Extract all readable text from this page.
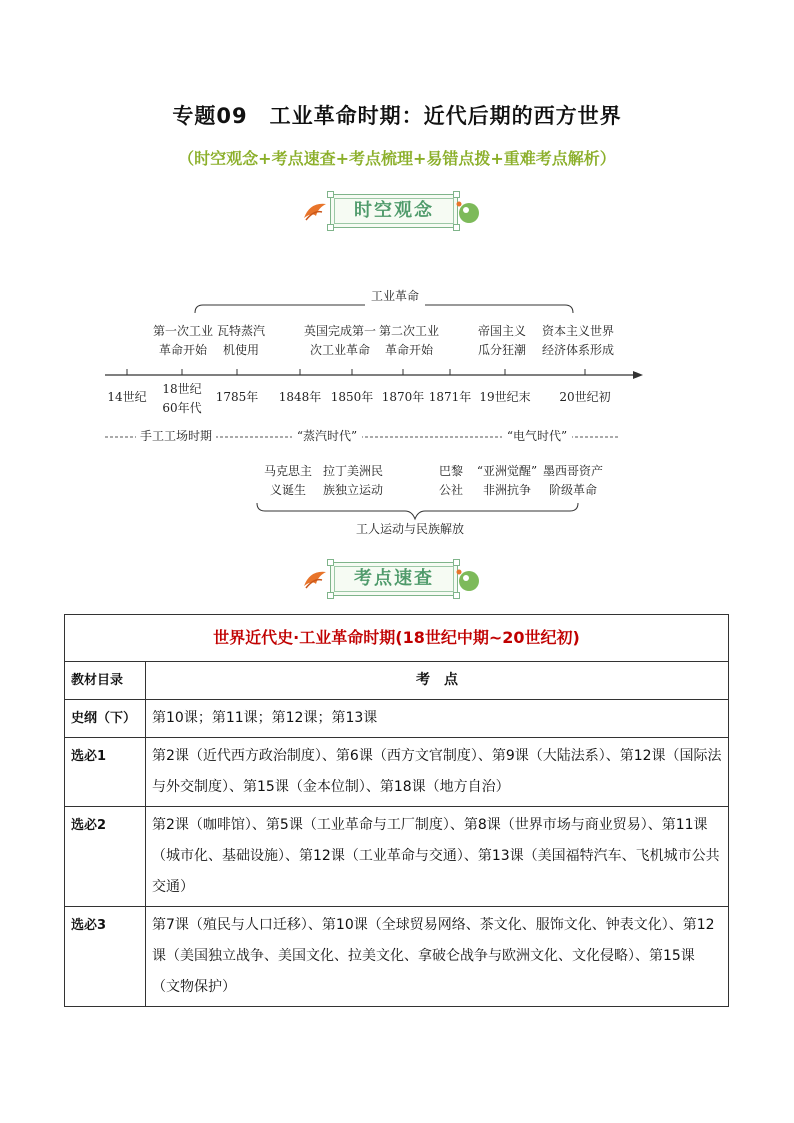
专题09　工业革命时期：近代后期的西方世界
（时空观念+考点速查+考点梳理+易错点拨+重难考点解析）
时空观念
工业革命
第一次工业
革命开始
瓦特蒸汽
机使用
英国完成第一
次工业革命
第二次工业
革命开始
帝国主义
瓜分狂潮
资本主义世界
经济体系形成
14世纪
18世纪
60年代
1785年	1848年 1850年 1870年 1871年 19世纪末	20世纪初
手工工场时期	“蒸汽时代”	“电气时代”
马克思主
义诞生
拉丁美洲民
族独立运动
巴黎
公社
“亚洲觉醒”
非洲抗争
墨西哥资产
阶级革命
工人运动与民族解放
考点速查
世界近代史·工业革命时期(18世纪中期~20世纪初)	
教材目录	考　点
史纲（下）	第10课；第11课；第12课；第13课
选必1	第2课（近代西方政治制度）、第6课（西方文官制度）、第9课（大陆法系）、第12课（国际法与外交制度）、第15课（金本位制）、第18课（地方自治）
选必2	第2课（咖啡馆）、第5课（工业革命与工厂制度）、第8课（世界市场与商业贸易）、第11课（城市化、基础设施）、第12课（工业革命与交通）、第13课（美国福特汽车、飞机城市公共交通）
选必3	第7课（殖民与人口迁移）、第10课（全球贸易网络、茶文化、服饰文化、钟表文化）、第12课（美国独立战争、美国文化、拉美文化、拿破仑战争与欧洲文化、文化侵略）、第15课（文物保护）
